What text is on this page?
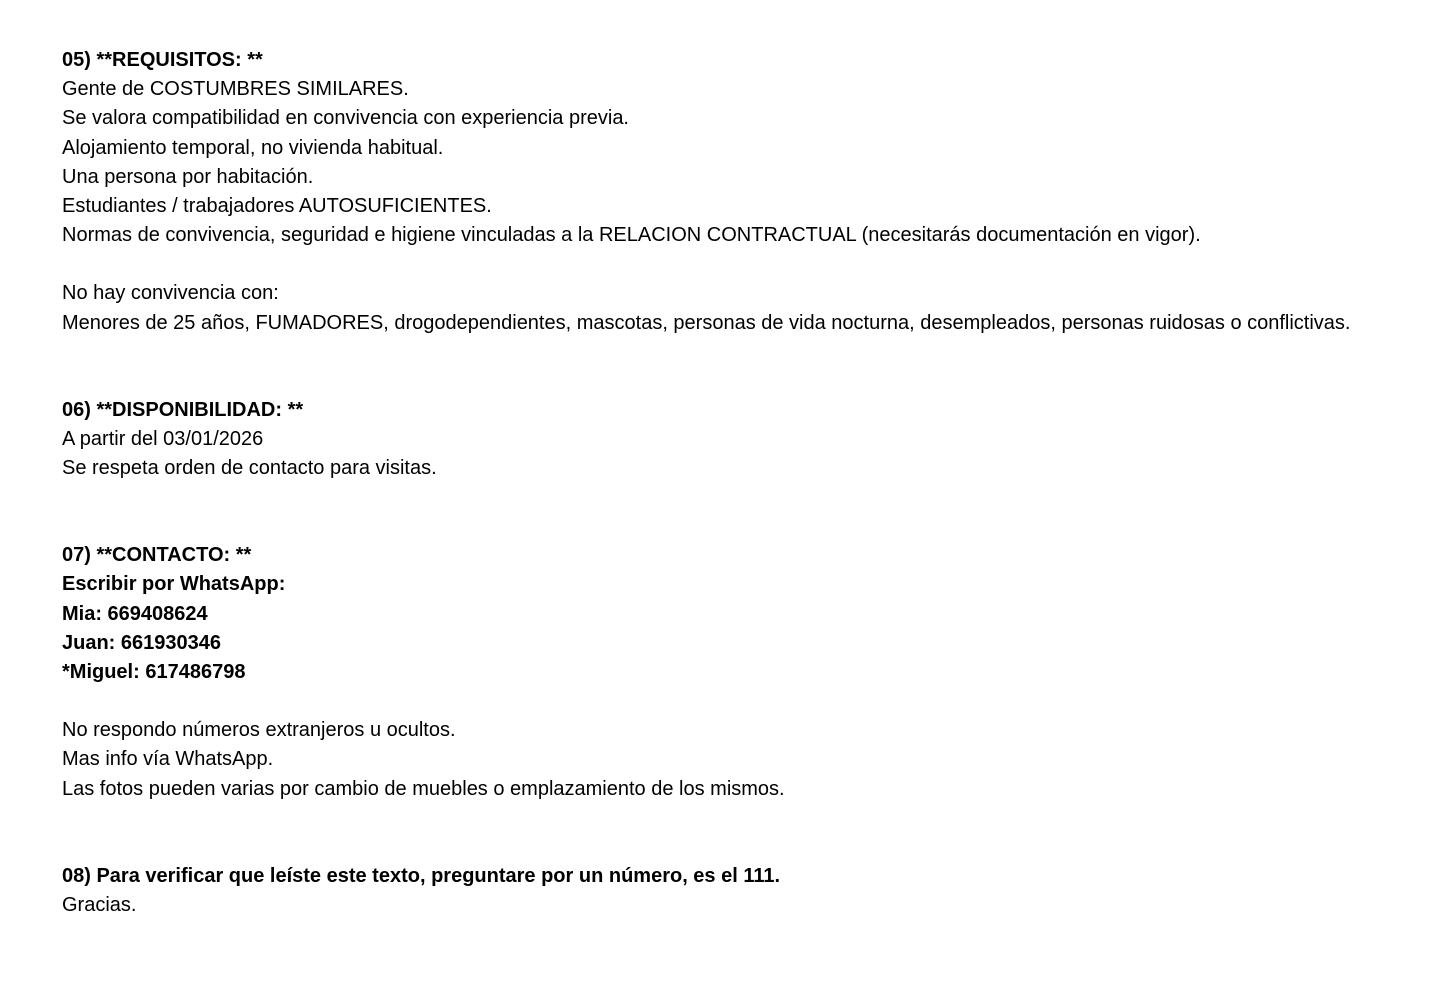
05) **REQUISITOS: **
Gente de COSTUMBRES SIMILARES.
Se valora compatibilidad en convivencia con experiencia previa.
Alojamiento temporal, no vivienda habitual.
Una persona por habitación.
Estudiantes / trabajadores AUTOSUFICIENTES.
Normas de convivencia, seguridad e higiene vinculadas a la RELACION CONTRACTUAL (necesitarás documentación en vigor).
No hay convivencia con:
Menores de 25 años, FUMADORES, drogodependientes, mascotas, personas de vida nocturna, desempleados, personas ruidosas o conflictivas.
06) **DISPONIBILIDAD: **
A partir del 03/01/2026
Se respeta orden de contacto para visitas.
07) **CONTACTO: **
Escribir por WhatsApp:
Mia: 669408624
Juan: 661930346
*Miguel: 617486798
No respondo números extranjeros u ocultos.
Mas info vía WhatsApp.
Las fotos pueden varias por cambio de muebles o emplazamiento de los mismos.
08) Para verificar que leíste este texto, preguntare por un número, es el 111.
Gracias.
